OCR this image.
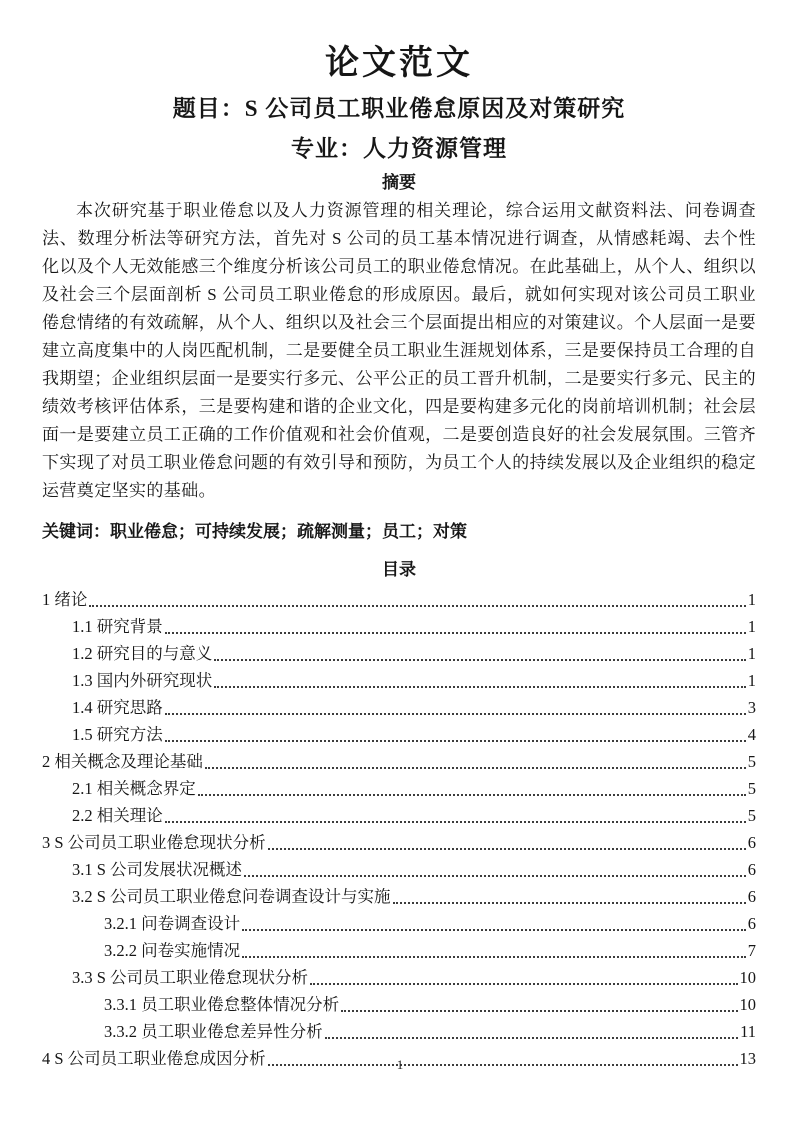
论文范文
题目：S 公司员工职业倦怠原因及对策研究
专业：人力资源管理
摘要

本次研究基于职业倦怠以及人力资源管理的相关理论，综合运用文献资料法、问卷调查法、数理分析法等研究方法，首先对 S 公司的员工基本情况进行调查，从情感耗竭、去个性化以及个人无效能感三个维度分析该公司员工的职业倦怠情况。在此基础上，从个人、组织以及社会三个层面剖析 S 公司员工职业倦怠的形成原因。最后，就如何实现对该公司员工职业倦怠情绪的有效疏解，从个人、组织以及社会三个层面提出相应的对策建议。个人层面一是要建立高度集中的人岗匹配机制，二是要健全员工职业生涯规划体系，三是要保持员工合理的自我期望；企业组织层面一是要实行多元、公平公正的员工晋升机制，二是要实行多元、民主的绩效考核评估体系，三是要构建和谐的企业文化，四是要构建多元化的岗前培训机制；社会层面一是要建立员工正确的工作价值观和社会价值观，二是要创造良好的社会发展氛围。三管齐下实现了对员工职业倦怠问题的有效引导和预防，为员工个人的持续发展以及企业组织的稳定运营奠定坚实的基础。

关键词：职业倦怠；可持续发展；疏解测量；员工；对策

目录
1 绪论	1
1.1 研究背景	1
1.2 研究目的与意义	1
1.3 国内外研究现状	1
1.4 研究思路	3
1.5 研究方法	4
2 相关概念及理论基础	5
2.1 相关概念界定	5
2.2 相关理论	5
3 S 公司员工职业倦怠现状分析	6
3.1 S 公司发展状况概述	6
3.2 S 公司员工职业倦怠问卷调查设计与实施	6
3.2.1 问卷调查设计	6
3.2.2 问卷实施情况	7
3.3 S 公司员工职业倦怠现状分析	10
3.3.1 员工职业倦怠整体情况分析	10
3.3.2 员工职业倦怠差异性分析	11
4 S 公司员工职业倦怠成因分析	13
1
